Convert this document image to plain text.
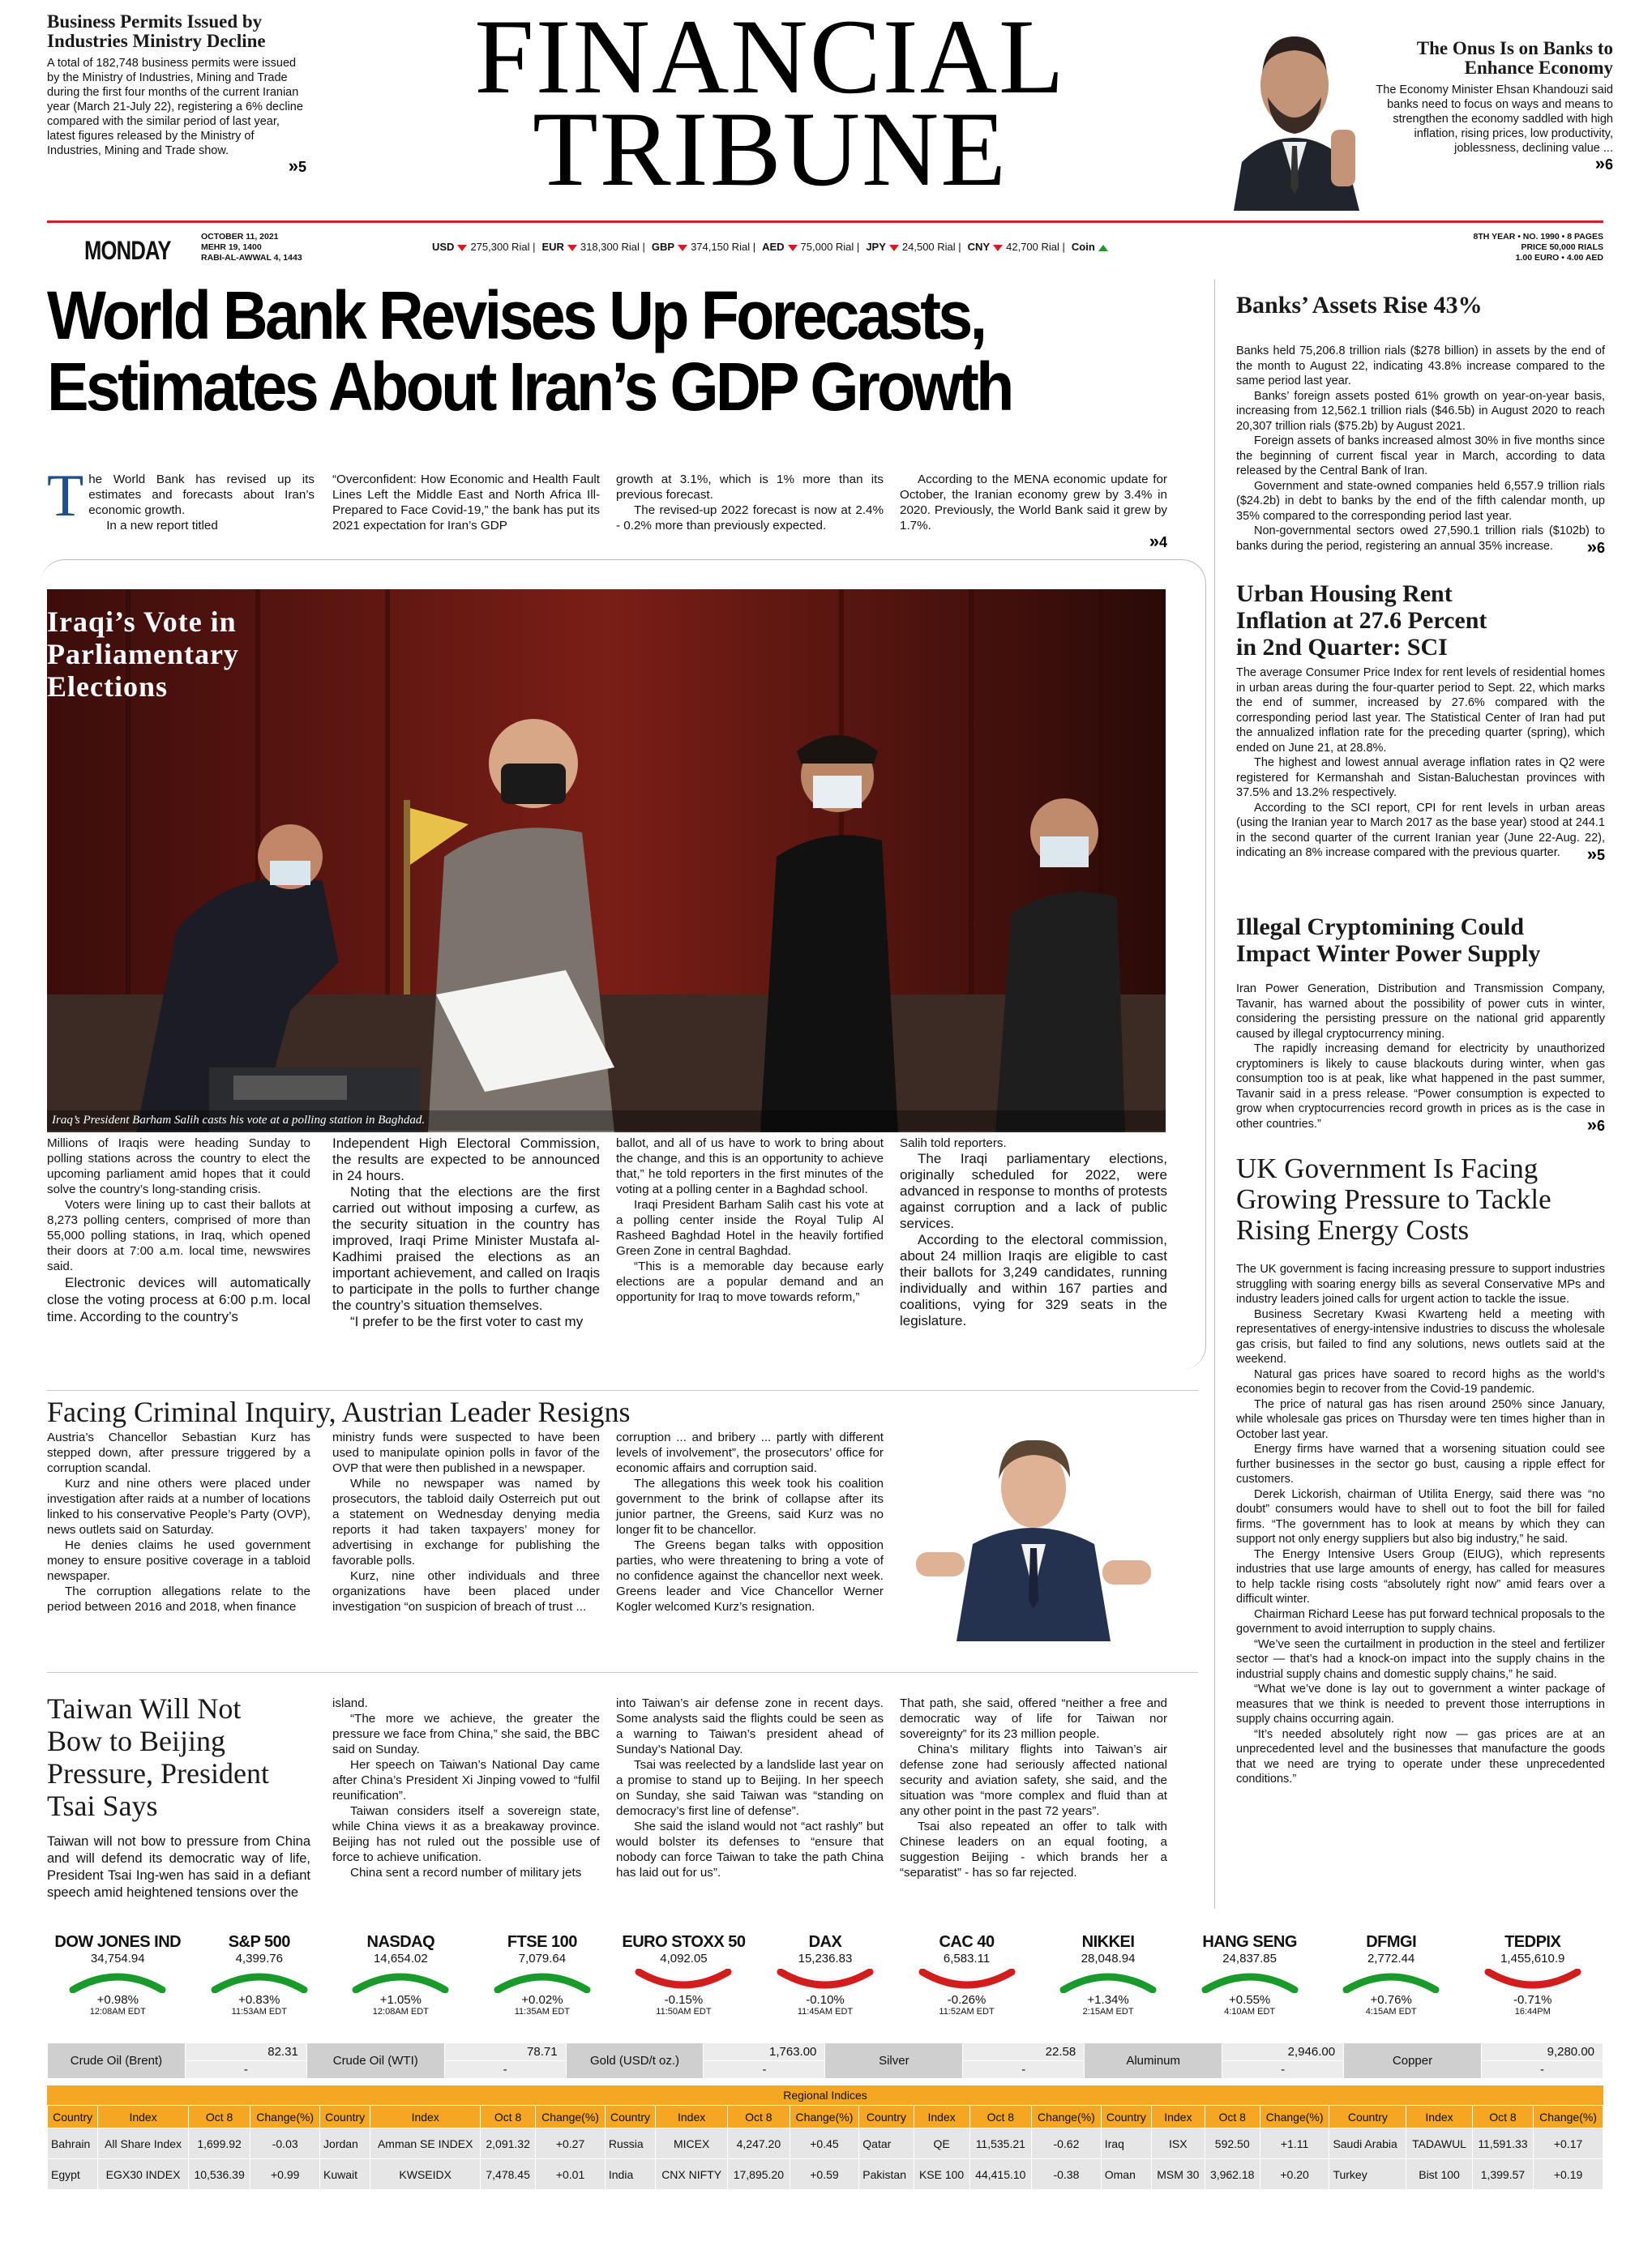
Business Permits Issued by Industries Ministry Decline
A total of 182,748 business permits were issued by the Ministry of Industries, Mining and Trade during the first four months of the current Iranian year (March 21-July 22), registering a 6% decline compared with the similar period of last year, latest figures released by the Ministry of Industries, Mining and Trade show.
» 5
FINANCIAL
TRIBUNE
The Onus Is on Banks to Enhance Economy
The Economy Minister Ehsan Khandouzi said banks need to focus on ways and means to strengthen the economy saddled with high inflation, rising prices, low productivity, joblessness, declining value ...
» 6
MONDAY	OCTOBER 11, 2021
MEHR 19, 1400
RABI-AL-AWWAL 4, 1443
USD 275,300 Rial | EUR 318,300 Rial | GBP 374,150 Rial | AED 75,000 Rial | JPY 24,500 Rial | CNY 42,700 Rial | Coin
8TH YEAR • NO. 1990 • 8 PAGES
PRICE 50,000 RIALS
1.00 EURO • 4.00 AED
World Bank Revises Up Forecasts,
Estimates About Iran’s GDP Growth
T he World Bank has revised up its estimates and forecasts about Iran’s economic growth.

In a new report titled

“Overconfident: How Economic and Health Fault Lines Left the Middle East and North Africa Ill-Prepared to Face Covid-19,” the bank has put its 2021 expectation for Iran’s GDP

growth at 3.1%, which is 1% more than its previous forecast.

The revised-up 2022 forecast is now at 2.4% - 0.2% more than previously expected.

According to the MENA economic update for October, the Iranian economy grew by 3.4% in 2020. Previously, the World Bank said it grew by 1.7%.

» 4
Iraqi’s Vote in
Parliamentary
Elections
Iraq’s President Barham Salih casts his vote at a polling station in Baghdad.

Millions of Iraqis were heading Sunday to polling stations across the country to elect the upcoming parliament amid hopes that it could solve the country’s long-standing crisis.

Voters were lining up to cast their ballots at 8,273 polling centers, comprised of more than 55,000 polling stations, in Iraq, which opened their doors at 7:00 a.m. local time, newswires said.

Electronic devices will automatically close the voting process at 6:00 p.m. local time. According to the country’s

Independent High Electoral Commission, the results are expected to be announced in 24 hours.

Noting that the elections are the first carried out without imposing a curfew, as the security situation in the country has improved, Iraqi Prime Minister Mustafa al-Kadhimi praised the elections as an important achievement, and called on Iraqis to participate in the polls to further change the country’s situation themselves.

“I prefer to be the first voter to cast my

ballot, and all of us have to work to bring about the change, and this is an opportunity to achieve that,” he told reporters in the first minutes of the voting at a polling center in a Baghdad school.

Iraqi President Barham Salih cast his vote at a polling center inside the Royal Tulip Al Rasheed Baghdad Hotel in the heavily fortified Green Zone in central Baghdad.

“This is a memorable day because early elections are a popular demand and an opportunity for Iraq to move towards reform,”

Salih told reporters.

The Iraqi parliamentary elections, originally scheduled for 2022, were advanced in response to months of protests against corruption and a lack of public services.

According to the electoral commission, about 24 million Iraqis are eligible to cast their ballots for 3,249 candidates, running individually and within 167 parties and coalitions, vying for 329 seats in the legislature.

Facing Criminal Inquiry, Austrian Leader Resigns

Austria’s Chancellor Sebastian Kurz has stepped down, after pressure triggered by a corruption scandal.

Kurz and nine others were placed under investigation after raids at a number of locations linked to his conservative People’s Party (OVP), news outlets said on Saturday.

He denies claims he used government money to ensure positive coverage in a tabloid newspaper.

The corruption allegations relate to the period between 2016 and 2018, when finance

ministry funds were suspected to have been used to manipulate opinion polls in favor of the OVP that were then published in a newspaper.

While no newspaper was named by prosecutors, the tabloid daily Osterreich put out a statement on Wednesday denying media reports it had taken taxpayers’ money for advertising in exchange for publishing the favorable polls.

Kurz, nine other individuals and three organizations have been placed under investigation “on suspicion of breach of trust ...

corruption ... and bribery ... partly with different levels of involvement”, the prosecutors’ office for economic affairs and corruption said.

The allegations this week took his coalition government to the brink of collapse after its junior partner, the Greens, said Kurz was no longer fit to be chancellor.

The Greens began talks with opposition parties, who were threatening to bring a vote of no confidence against the chancellor next week. Greens leader and Vice Chancellor Werner Kogler welcomed Kurz’s resignation.

Taiwan Will Not Bow to Beijing Pressure, President Tsai Says

Taiwan will not bow to pressure from China and will defend its democratic way of life, President Tsai Ing-wen has said in a defiant speech amid heightened tensions over the

island.

“The more we achieve, the greater the pressure we face from China,” she said, the BBC said on Sunday.

Her speech on Taiwan’s National Day came after China’s President Xi Jinping vowed to “fulfil reunification”.

Taiwan considers itself a sovereign state, while China views it as a breakaway province. Beijing has not ruled out the possible use of force to achieve unification.

China sent a record number of military jets

into Taiwan’s air defense zone in recent days. Some analysts said the flights could be seen as a warning to Taiwan’s president ahead of Sunday’s National Day.

Tsai was reelected by a landslide last year on a promise to stand up to Beijing. In her speech on Sunday, she said Taiwan was “standing on democracy’s first line of defense”.

She said the island would not “act rashly” but would bolster its defenses to “ensure that nobody can force Taiwan to take the path China has laid out for us”.

That path, she said, offered “neither a free and democratic way of life for Taiwan nor sovereignty” for its 23 million people.

China’s military flights into Taiwan’s air defense zone had seriously affected national security and aviation safety, she said, and the situation was “more complex and fluid than at any other point in the past 72 years”.

Tsai also repeated an offer to talk with Chinese leaders on an equal footing, a suggestion Beijing - which brands her a “separatist” - has so far rejected.

Banks’ Assets Rise 43%

Banks held 75,206.8 trillion rials ($278 billion) in assets by the end of the month to August 22, indicating 43.8% increase compared to the same period last year.

Banks’ foreign assets posted 61% growth on year-on-year basis, increasing from 12,562.1 trillion rials ($46.5b) in August 2020 to reach 20,307 trillion rials ($75.2b) by August 2021.

Foreign assets of banks increased almost 30% in five months since the beginning of current fiscal year in March, according to data released by the Central Bank of Iran.

Government and state-owned companies held 6,557.9 trillion rials ($24.2b) in debt to banks by the end of the fifth calendar month, up 35% compared to the corresponding period last year.

Non-governmental sectors owed 27,590.1 trillion rials ($102b) to banks during the period, registering an annual 35% increase.	» 6
Urban Housing Rent
Inflation at 27.6 Percent
in 2nd Quarter: SCI

The average Consumer Price Index for rent levels of residential homes in urban areas during the four-quarter period to Sept. 22, which marks the end of summer, increased by 27.6% compared with the corresponding period last year. The Statistical Center of Iran had put the annualized inflation rate for the preceding quarter (spring), which ended on June 21, at 28.8%.

The highest and lowest annual average inflation rates in Q2 were registered for Kermanshah and Sistan-Baluchestan provinces with 37.5% and 13.2% respectively.

According to the SCI report, CPI for rent levels in urban areas (using the Iranian year to March 2017 as the base year) stood at 244.1 in the second quarter of the current Iranian year (June 22-Aug. 22), indicating an 8% increase compared with the previous quarter.	» 5
Illegal Cryptomining Could
Impact Winter Power Supply

Iran Power Generation, Distribution and Transmission Company, Tavanir, has warned about the possibility of power cuts in winter, considering the persisting pressure on the national grid apparently caused by illegal cryptocurrency mining.

The rapidly increasing demand for electricity by unauthorized cryptominers is likely to cause blackouts during winter, when gas consumption too is at peak, like what happened in the past summer, Tavanir said in a press release. “Power consumption is expected to grow when cryptocurrencies record growth in prices as is the case in other countries.”	» 6
UK Government Is Facing
Growing Pressure to Tackle
Rising Energy Costs

The UK government is facing increasing pressure to support industries struggling with soaring energy bills as several Conservative MPs and industry leaders joined calls for urgent action to tackle the issue.

Business Secretary Kwasi Kwarteng held a meeting with representatives of energy-intensive industries to discuss the wholesale gas crisis, but failed to find any solutions, news outlets said at the weekend.

Natural gas prices have soared to record highs as the world’s economies begin to recover from the Covid-19 pandemic.

The price of natural gas has risen around 250% since January, while wholesale gas prices on Thursday were ten times higher than in October last year.

Energy firms have warned that a worsening situation could see further businesses in the sector go bust, causing a ripple effect for customers.

Derek Lickorish, chairman of Utilita Energy, said there was “no doubt” consumers would have to shell out to foot the bill for failed firms. “The government has to look at means by which they can support not only energy suppliers but also big industry,” he said.

The Energy Intensive Users Group (EIUG), which represents industries that use large amounts of energy, has called for measures to help tackle rising costs “absolutely right now” amid fears over a difficult winter.

Chairman Richard Leese has put forward technical proposals to the government to avoid interruption to supply chains.

“We’ve seen the curtailment in production in the steel and fertilizer sector — that’s had a knock-on impact into the supply chains in the industrial supply chains and domestic supply chains,” he said.

“What we’ve done is lay out to government a winter package of measures that we think is needed to prevent those interruptions in supply chains occurring again.

“It’s needed absolutely right now — gas prices are at an unprecedented level and the businesses that manufacture the goods that we need are trying to operate under these unprecedented conditions.”

DOW JONES IND
34,754.94
+0.98%
12:08AM EDT
S&P 500
4,399.76
+0.83%
11:53AM EDT
NASDAQ
14,654.02
+1.05%
12:08AM EDT
FTSE 100
7,079.64
+0.02%
11:35AM EDT
EURO STOXX 50
4,092.05
-0.15%
11:50AM EDT
DAX
15,236.83
-0.10%
11:45AM EDT
CAC 40
6,583.11
-0.26%
11:52AM EDT
NIKKEI
28,048.94
+1.34%
2:15AM EDT
HANG SENG
24,837.85
+0.55%
4:10AM EDT
DFMGI
2,772.44
+0.76%
4:15AM EDT
TEDPIX
1,455,610.9
-0.71%
16:44PM
Crude Oil (Brent)	82.31	Crude Oil (WTI)	78.71	Gold (USD/t oz.)	1,763.00	Silver	22.58	Aluminum	2,946.00	Copper	9,280.00
	-		-		-		-		-		-
Regional Indices
Country	Index	Oct 8	Change(%)	Country	Index	Oct 8	Change(%)	Country	Index	Oct 8	Change(%)	Country	Index	Oct 8	Change(%)	Country	Index	Oct 8	Change(%)	Country	Index	Oct 8	Change(%)
Bahrain	All Share Index	1,699.92	-0.03	Jordan	Amman SE INDEX	2,091.32	+0.27	Russia	MICEX	4,247.20	+0.45	Qatar	QE	11,535.21	-0.62	Iraq	ISX	592.50	+1.11	Saudi Arabia	TADAWUL	11,591.33	+0.17
Egypt	EGX30 INDEX	10,536.39	+0.99	Kuwait	KWSEIDX	7,478.45	+0.01	India	CNX NIFTY	17,895.20	+0.59	Pakistan	KSE 100	44,415.10	-0.38	Oman	MSM 30	3,962.18	+0.20	Turkey	Bist 100	1,399.57	+0.19
